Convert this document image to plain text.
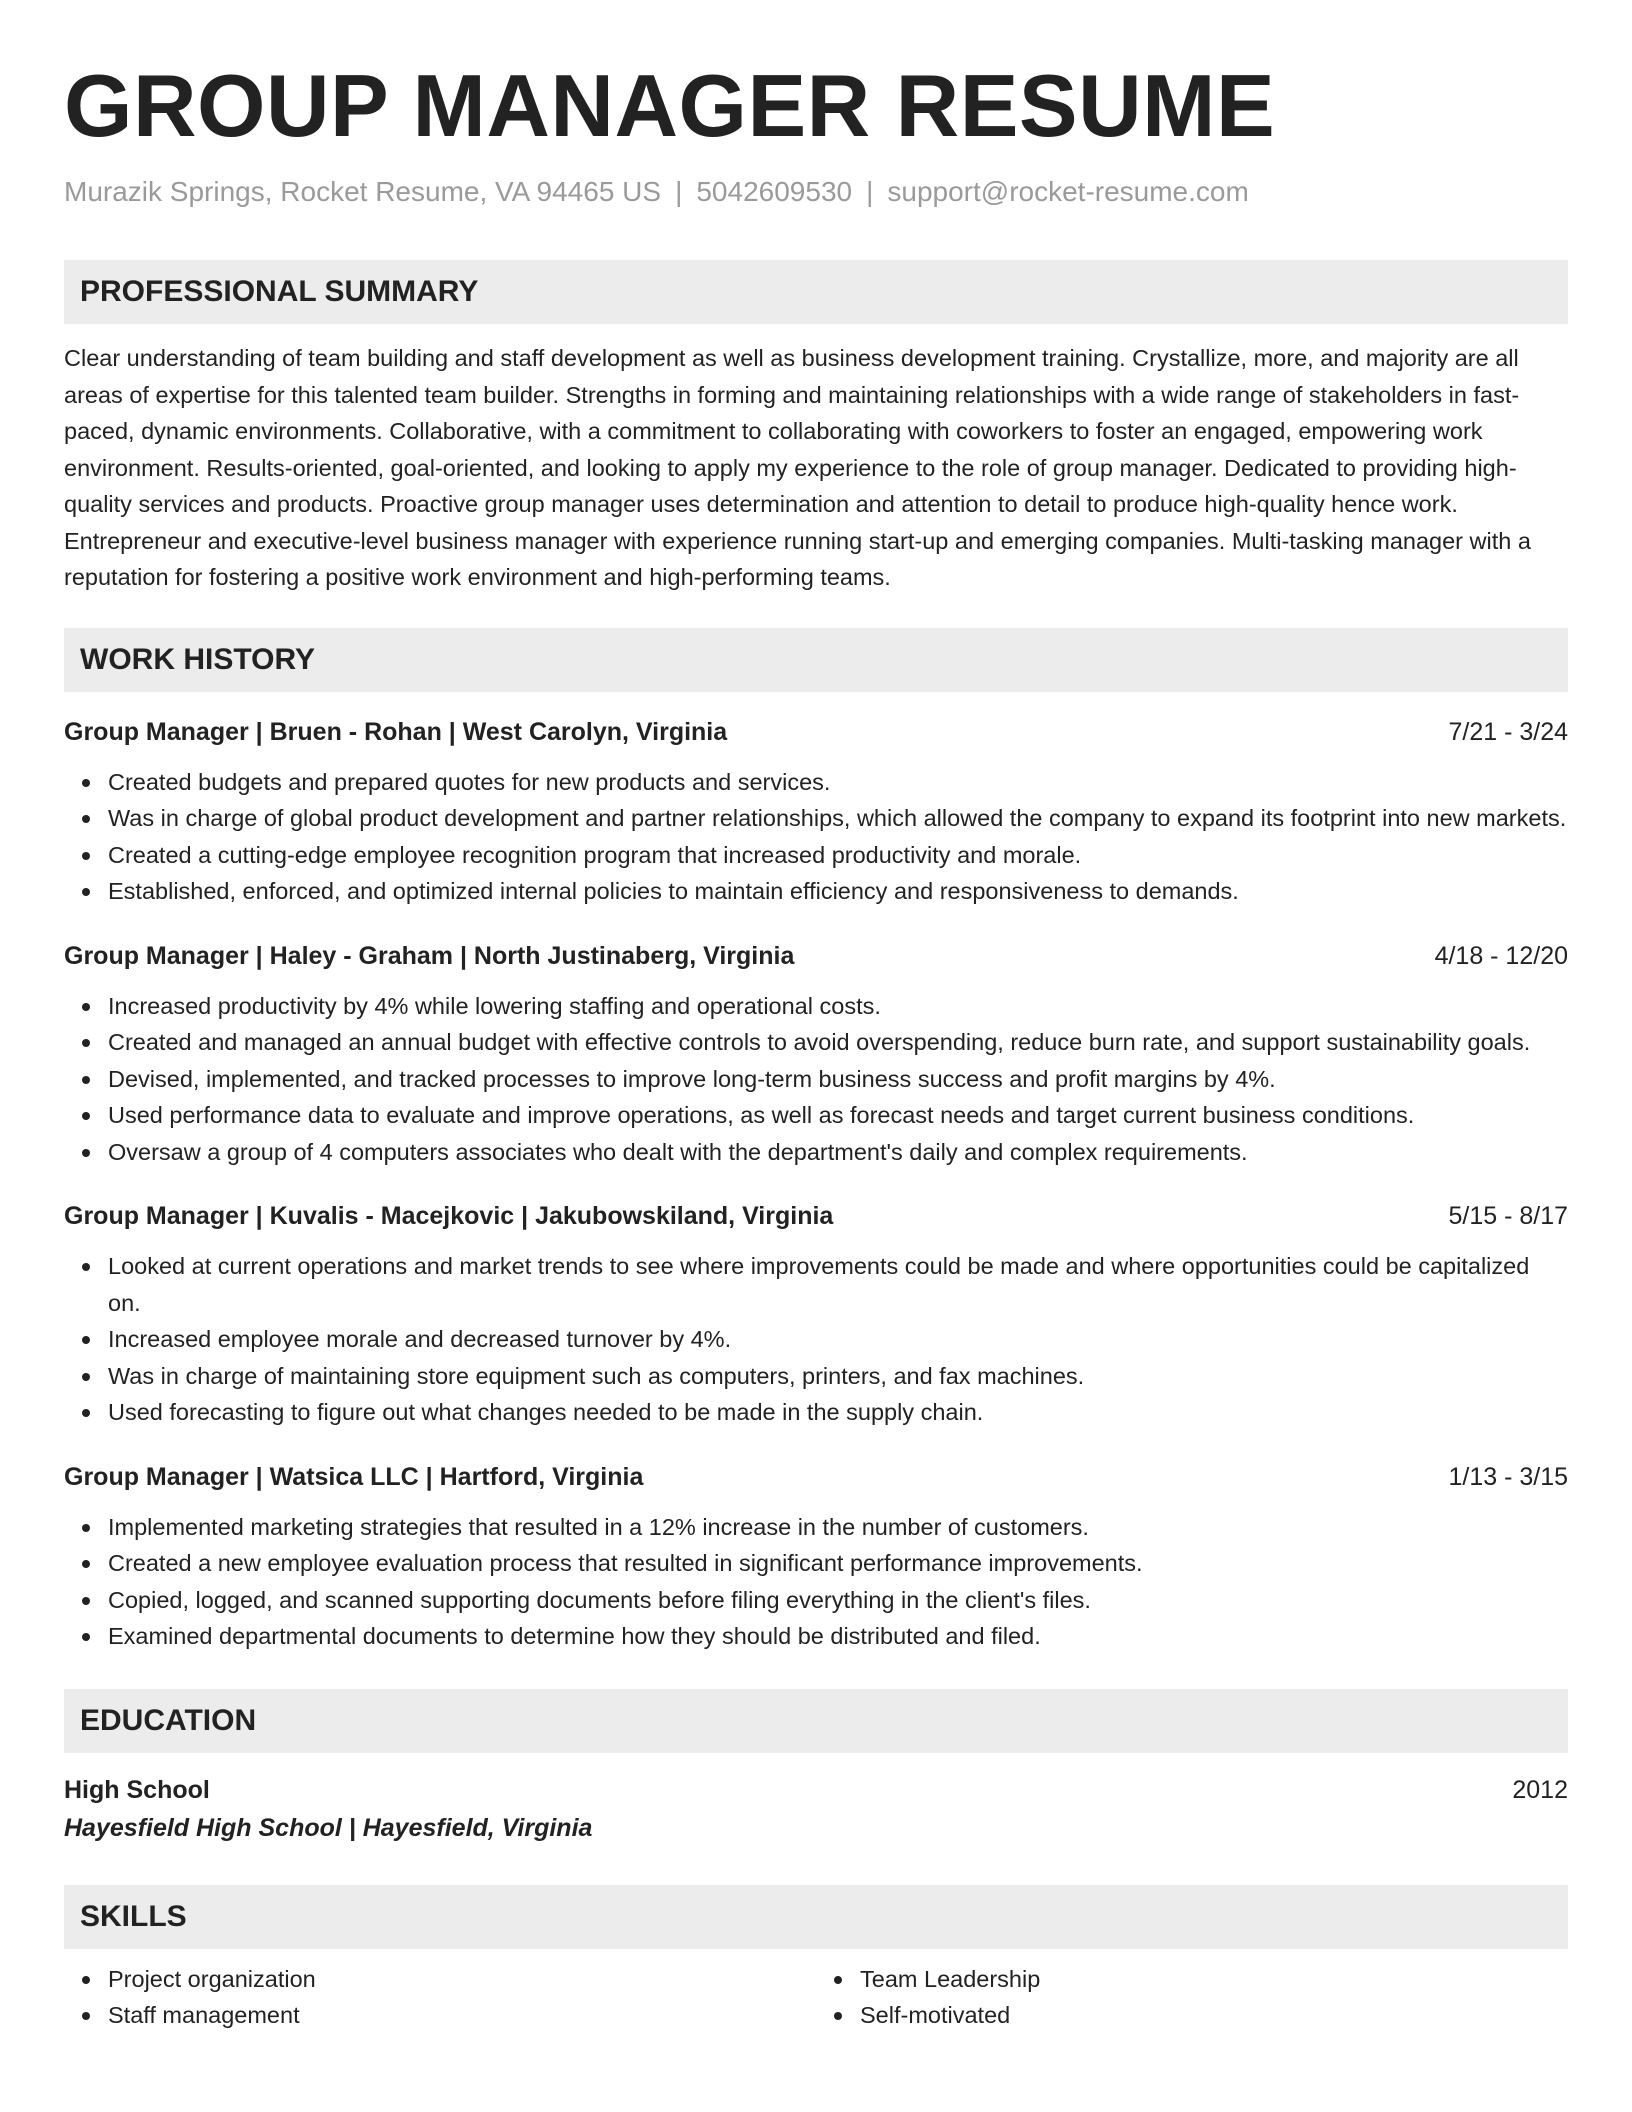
GROUP MANAGER RESUME
Murazik Springs, Rocket Resume, VA 94465 US | 5042609530 | support@rocket-resume.com
PROFESSIONAL SUMMARY
Clear understanding of team building and staff development as well as business development training. Crystallize, more, and majority are all areas of expertise for this talented team builder. Strengths in forming and maintaining relationships with a wide range of stakeholders in fast-paced, dynamic environments. Collaborative, with a commitment to collaborating with coworkers to foster an engaged, empowering work environment. Results-oriented, goal-oriented, and looking to apply my experience to the role of group manager. Dedicated to providing high-quality services and products. Proactive group manager uses determination and attention to detail to produce high-quality hence work. Entrepreneur and executive-level business manager with experience running start-up and emerging companies. Multi-tasking manager with a reputation for fostering a positive work environment and high-performing teams.
WORK HISTORY
Group Manager | Bruen - Rohan | West Carolyn, Virginia	7/21 - 3/24
Created budgets and prepared quotes for new products and services.
Was in charge of global product development and partner relationships, which allowed the company to expand its footprint into new markets.
Created a cutting-edge employee recognition program that increased productivity and morale.
Established, enforced, and optimized internal policies to maintain efficiency and responsiveness to demands.
Group Manager | Haley - Graham | North Justinaberg, Virginia	4/18 - 12/20
Increased productivity by 4% while lowering staffing and operational costs.
Created and managed an annual budget with effective controls to avoid overspending, reduce burn rate, and support sustainability goals.
Devised, implemented, and tracked processes to improve long-term business success and profit margins by 4%.
Used performance data to evaluate and improve operations, as well as forecast needs and target current business conditions.
Oversaw a group of 4 computers associates who dealt with the department's daily and complex requirements.
Group Manager | Kuvalis - Macejkovic | Jakubowskiland, Virginia	5/15 - 8/17
Looked at current operations and market trends to see where improvements could be made and where opportunities could be capitalized on.
Increased employee morale and decreased turnover by 4%.
Was in charge of maintaining store equipment such as computers, printers, and fax machines.
Used forecasting to figure out what changes needed to be made in the supply chain.
Group Manager | Watsica LLC | Hartford, Virginia	1/13 - 3/15
Implemented marketing strategies that resulted in a 12% increase in the number of customers.
Created a new employee evaluation process that resulted in significant performance improvements.
Copied, logged, and scanned supporting documents before filing everything in the client's files.
Examined departmental documents to determine how they should be distributed and filed.
EDUCATION
High School	2012
Hayesfield High School | Hayesfield, Virginia
SKILLS
Project organization
Staff management
Team Leadership
Self-motivated
